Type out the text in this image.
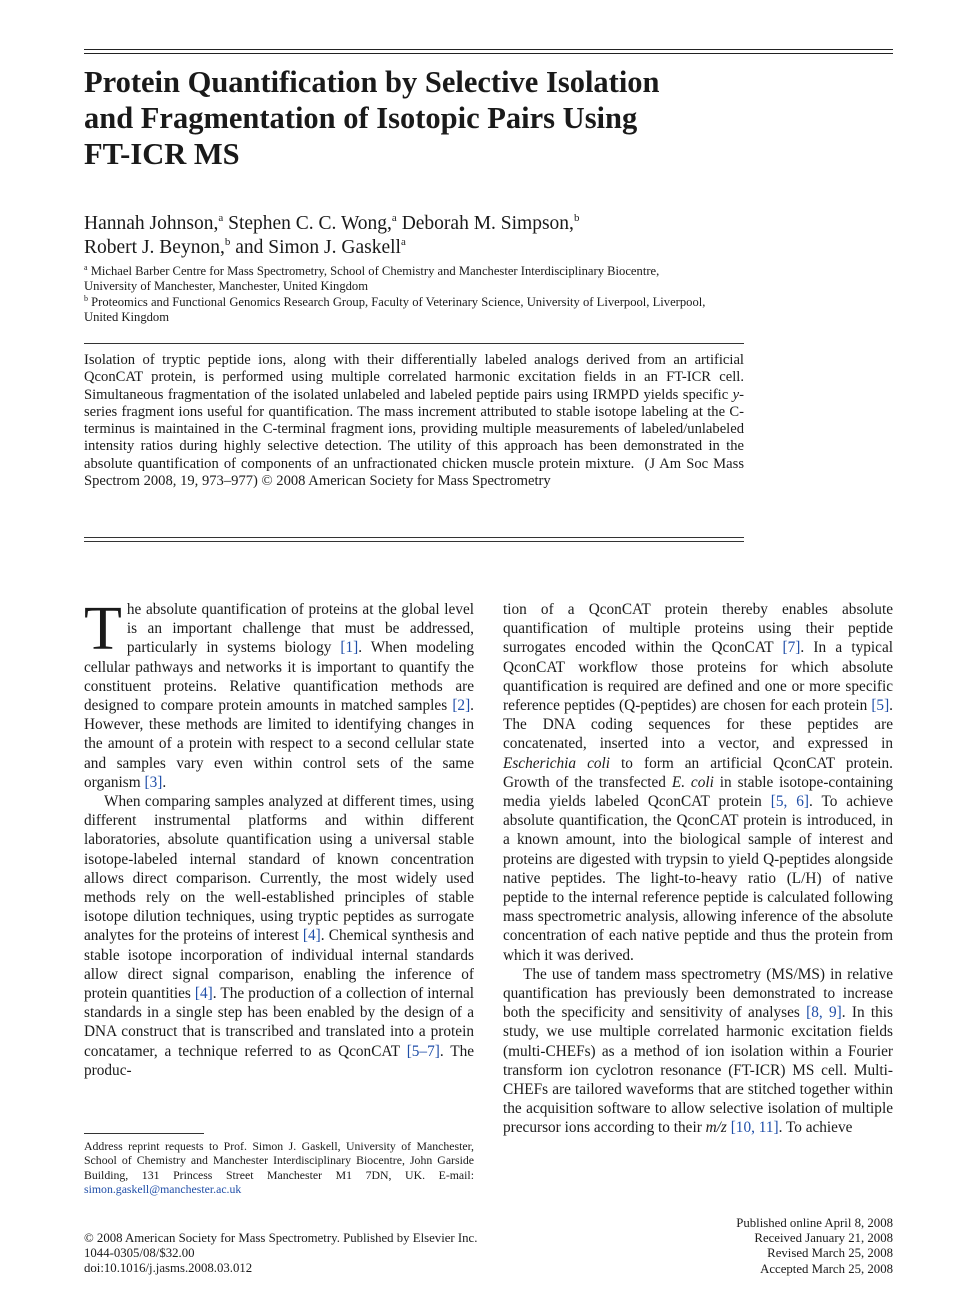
Protein Quantification by Selective Isolation
and Fragmentation of Isotopic Pairs Using
FT-ICR MS
Hannah Johnson,$^a$ Stephen C. C. Wong,$^a$ Deborah M. Simpson,$^b$
Robert J. Beynon,$^b$ and Simon J. Gaskell$^a$

$^a$ Michael Barber Centre for Mass Spectrometry, School of Chemistry and Manchester Interdisciplinary Biocentre, University of Manchester, Manchester, United Kingdom

$^b$ Proteomics and Functional Genomics Research Group, Faculty of Veterinary Science, University of Liverpool, Liverpool, United Kingdom

Isolation of tryptic peptide ions, along with their differentially labeled analogs derived from an artificial QconCAT protein, is performed using multiple correlated harmonic excitation fields in an FT-ICR cell. Simultaneous fragmentation of the isolated unlabeled and labeled peptide pairs using IRMPD yields specific y-series fragment ions useful for quantification. The mass increment attributed to stable isotope labeling at the C-terminus is maintained in the C-terminal fragment ions, providing multiple measurements of labeled/unlabeled intensity ratios during highly selective detection. The utility of this approach has been demonstrated in the absolute quantification of components of an unfractionated chicken muscle protein mixture. (J Am Soc Mass Spectrom 2008, 19, 973–977) © 2008 American Society for Mass Spectrometry

The absolute quantification of proteins at the global level is an important challenge that must be addressed, particularly in systems biology [1]. When modeling cellular pathways and networks it is important to quantify the constituent proteins. Relative quantification methods are designed to compare protein amounts in matched samples [2]. However, these methods are limited to identifying changes in the amount of a protein with respect to a second cellular state and samples vary even within control sets of the same organism [3].

When comparing samples analyzed at different times, using different instrumental platforms and within different laboratories, absolute quantification using a universal stable isotope-labeled internal standard of known concentration allows direct comparison. Currently, the most widely used methods rely on the well-established principles of stable isotope dilution techniques, using tryptic peptides as surrogate analytes for the proteins of interest [4]. Chemical synthesis and stable isotope incorporation of individual internal standards allow direct signal comparison, enabling the inference of protein quantities [4]. The production of a collection of internal standards in a single step has been enabled by the design of a DNA construct that is transcribed and translated into a protein concatamer, a technique referred to as QconCAT [5–7]. The produc-

tion of a QconCAT protein thereby enables absolute quantification of multiple proteins using their peptide surrogates encoded within the QconCAT [7]. In a typical QconCAT workflow those proteins for which absolute quantification is required are defined and one or more specific reference peptides (Q-peptides) are chosen for each protein [5]. The DNA coding sequences for these peptides are concatenated, inserted into a vector, and expressed in Escherichia coli to form an artificial QconCAT protein. Growth of the transfected E. coli in stable isotope-containing media yields labeled QconCAT protein [5, 6]. To achieve absolute quantification, the QconCAT protein is introduced, in a known amount, into the biological sample of interest and proteins are digested with trypsin to yield Q-peptides alongside native peptides. The light-to-heavy ratio (L/H) of native peptide to the internal reference peptide is calculated following mass spectrometric analysis, allowing inference of the absolute concentration of each native peptide and thus the protein from which it was derived.

The use of tandem mass spectrometry (MS/MS) in relative quantification has previously been demonstrated to increase both the specificity and sensitivity of analyses [8, 9]. In this study, we use multiple correlated harmonic excitation fields (multi-CHEFs) as a method of ion isolation within a Fourier transform ion cyclotron resonance (FT-ICR) MS cell. Multi-CHEFs are tailored waveforms that are stitched together within the acquisition software to allow selective isolation of multiple precursor ions according to their m/z [10, 11]. To achieve

Address reprint requests to Prof. Simon J. Gaskell, University of Manchester, School of Chemistry and Manchester Interdisciplinary Biocentre, John Garside Building, 131 Princess Street Manchester M1 7DN, UK. E-mail: simon.gaskell@manchester.ac.uk

© 2008 American Society for Mass Spectrometry. Published by Elsevier Inc.
1044-0305/08/$32.00
doi:10.1016/j.jasms.2008.03.012
Published online April 8, 2008
Received January 21, 2008
Revised March 25, 2008
Accepted March 25, 2008
